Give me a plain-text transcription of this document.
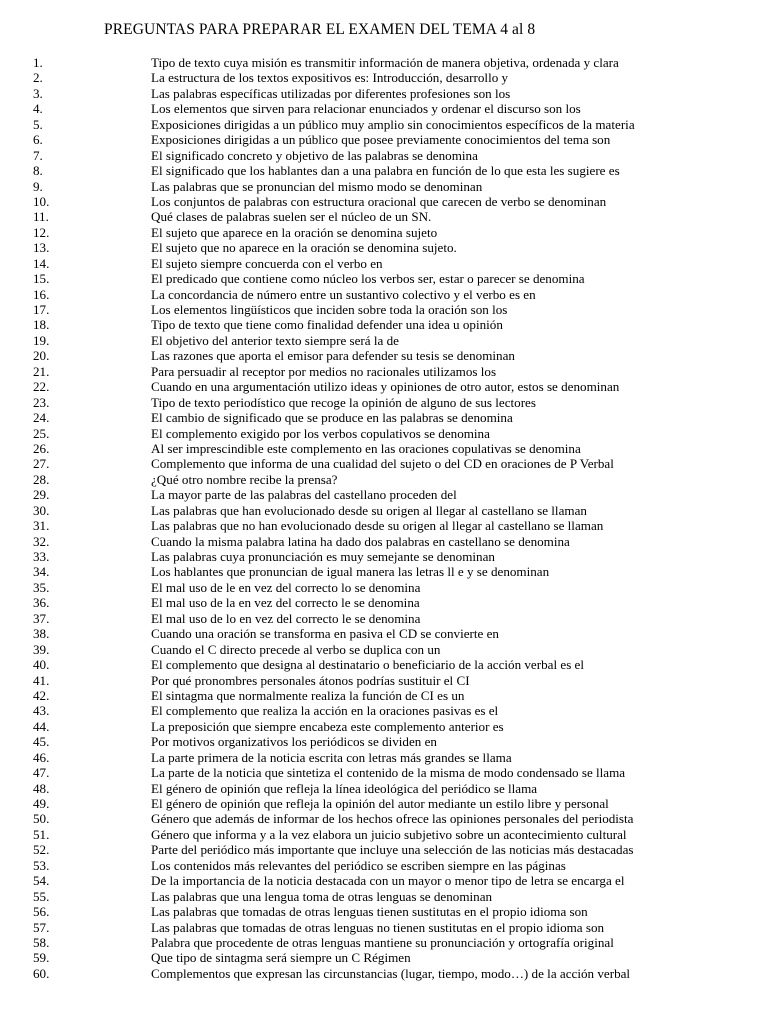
PREGUNTAS PARA PREPARAR EL EXAMEN DEL TEMA 4 al 8
1.	Tipo de texto cuya misión es transmitir información de manera objetiva, ordenada y clara
2.	La estructura de los textos expositivos es: Introducción, desarrollo y
3.	Las palabras específicas utilizadas por diferentes profesiones son los
4.	Los elementos que sirven para relacionar enunciados y ordenar el discurso son los
5.	Exposiciones dirigidas a un público muy amplio sin conocimientos específicos de la materia
6.	Exposiciones dirigidas a un público que posee previamente conocimientos del tema son
7.	El significado concreto y objetivo de las palabras se denomina
8.	El significado que los hablantes dan a una palabra en función de lo que esta les sugiere es
9.	Las palabras que se pronuncian del mismo modo se denominan
10.	Los conjuntos de palabras con estructura oracional que carecen de verbo se denominan
11.	Qué clases de palabras suelen ser el núcleo de un SN.
12.	El sujeto que aparece en la oración se denomina sujeto
13.	El sujeto que no aparece en la oración se denomina sujeto.
14.	El sujeto siempre concuerda con el verbo en
15.	El predicado que contiene como núcleo los verbos ser, estar o parecer se denomina
16.	La concordancia de número entre un sustantivo colectivo y el verbo es en
17.	Los elementos lingüísticos que inciden sobre toda la oración son los
18.	Tipo de texto que tiene como finalidad defender una idea u opinión
19.	El objetivo del anterior texto siempre será la de
20.	Las razones que aporta el emisor para defender su tesis se denominan
21.	Para persuadir al receptor por medios no racionales utilizamos los
22.	Cuando en una argumentación utilizo ideas y opiniones de otro autor, estos se denominan
23.	Tipo de texto periodístico que recoge la opinión de alguno de sus lectores
24.	El cambio de significado que se produce en las palabras se denomina
25.	El complemento exigido por los verbos copulativos se denomina
26.	Al ser imprescindible este complemento en las oraciones copulativas se denomina
27.	Complemento que informa de una cualidad del sujeto o del CD en oraciones de P Verbal
28.	¿Qué otro nombre recibe la prensa?
29.	La mayor parte de las palabras del castellano proceden del
30.	Las palabras que han evolucionado desde su origen al llegar al castellano se llaman
31.	Las palabras que no han evolucionado desde su origen al llegar al castellano se llaman
32.	Cuando la misma palabra latina ha dado dos palabras en castellano se denomina
33.	Las palabras cuya pronunciación es muy semejante se denominan
34.	Los hablantes que pronuncian de igual manera las letras ll e y se denominan
35.	El mal uso de le en vez del correcto lo se denomina
36.	El mal uso de la en vez del correcto le se denomina
37.	El mal uso de lo en vez del correcto le se denomina
38.	Cuando una oración se transforma en pasiva el CD se convierte en
39.	Cuando el C directo precede al verbo se duplica con un
40.	El complemento que designa al destinatario o beneficiario de la acción verbal es el
41.	Por qué pronombres personales átonos podrías sustituir el CI
42.	El sintagma que normalmente realiza la función de CI es un
43.	El complemento que realiza la acción en la oraciones pasivas es el
44.	La preposición que siempre encabeza este complemento anterior es
45.	Por motivos organizativos los periódicos se dividen en
46.	La parte primera de la noticia escrita con letras más grandes se llama
47.	La parte de la noticia que sintetiza el contenido de la misma de modo condensado se llama
48.	El género de opinión que refleja la línea ideológica del periódico se llama
49.	El género de opinión que refleja la opinión del autor mediante un estilo libre y personal
50.	Género que además de informar de los hechos ofrece las opiniones personales del periodista
51.	Género que informa y a la vez elabora un juicio subjetivo sobre un acontecimiento cultural
52.	Parte del periódico más importante que incluye una selección de las noticias más destacadas
53.	Los contenidos más relevantes del periódico se escriben siempre en las páginas
54.	De la importancia de la noticia destacada con un mayor o menor tipo de letra se encarga el
55.	Las palabras que una lengua toma de otras lenguas se denominan
56.	Las palabras que tomadas de otras lenguas tienen sustitutas en el propio idioma son
57.	Las palabras que tomadas de otras lenguas no tienen sustitutas en el propio idioma son
58.	Palabra que procedente de otras lenguas mantiene su pronunciación y ortografía original
59.	Que tipo de sintagma será siempre un C Régimen
60.	Complementos que expresan las circunstancias (lugar, tiempo, modo…) de la acción verbal
